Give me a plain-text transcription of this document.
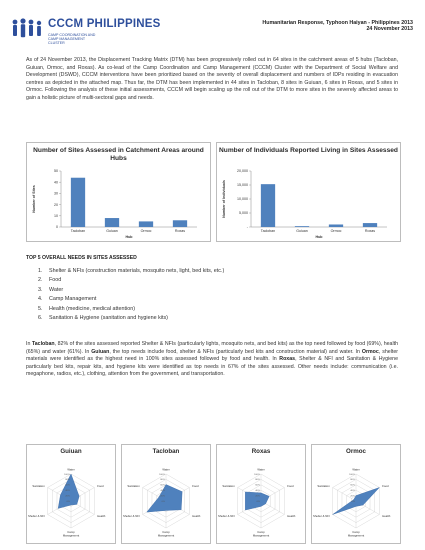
CCCM PHILIPPINES
CAMP COORDINATION AND
CAMP MANAGEMENT
CLUSTER
Humanitarian Response, Typhoon Haiyan - Philippines 2013
24 November 2013
As of 24 November 2013, the Displacement Tracking Matrix (DTM) has been progressively rolled out in 64 sites in the catchment areas of 5 hubs (Tacloban, Guiuan, Ormoc, and Roxas). As co-lead of the Camp Coordination and Camp Management (CCCM) Cluster with the Department of Social Welfare and Development (DSWD), CCCM interventions have been prioritized based on the severity of overall displacement and numbers of IDPs residing in evacuation centres as depicted in the attached map. Thus far, the DTM has been implemented in 44 sites in Tacloban, 8 sites in Guiuan, 6 sites in Roxas, and 5 sites in Ormoc. Following the analysis of these initial assessments, CCCM will begin scaling up the roll out of the DTM to more sites in the severely affected areas to gain a holistic picture of multi-sectoral gaps and needs.
Number of Sites Assessed in Catchment Areas around Hubs
0
10
20
30
40
50
Tacloban	Guiuan	Ormoc	Roxas
Hub
Number of Sites
Number of Individuals Reported Living in Sites Assessed
-
5,000
10,000
15,000
20,000
Tacloban	Guiuan	Ormoc	Roxas
Hub
Number of Individuals
TOP 5 OVERALL NEEDS IN SITES ASSESSED
1. Shelter & NFIs (construction materials, mosquito nets, light, bed kits, etc.)
2. Food
3. Water
4. Camp Management
5. Health (medicine, medical attention)
6. Sanitation & Hygiene (sanitation and hygiene kits)
In Tacloban, 82% of the sites assessed reported Shelter & NFIs (particularly lights, mosquito nets, and bed kits) as the top need followed by food (69%), health (65%) and water (61%). In Guiuan, the top needs include food, shelter & NFIs (particularly bed kits and construction material) and water. In Ormoc, shelter materials were identified as the highest need in 100% sites assessed followed by food and health. In Roxas, Shelter & NFI and Sanitation & Hygiene particularly bed kits, repair kits, and hygiene kits were identified as top needs in 67% of the sites assessed. Other needs include: communication (i.e. megaphone, radios, etc.), clothing, attention from the government, and transportation.
Guiuan
0%
20%
40%
60%
80%
100%
Water
Food
Health
Camp Management
Shelter & NFI
Sanitation
Tacloban
0%
20%
40%
60%
80%
100%
Water
Food
Health
Camp Management
Shelter & NFI
Sanitation
Roxas
0%
20%
40%
60%
80%
100%
Water
Food
Health
Camp Management
Shelter & NFI
Sanitation
Ormoc
0%
20%
40%
60%
80%
100%
Water
Food
Health
Camp Management
Shelter & NFI
Sanitation
